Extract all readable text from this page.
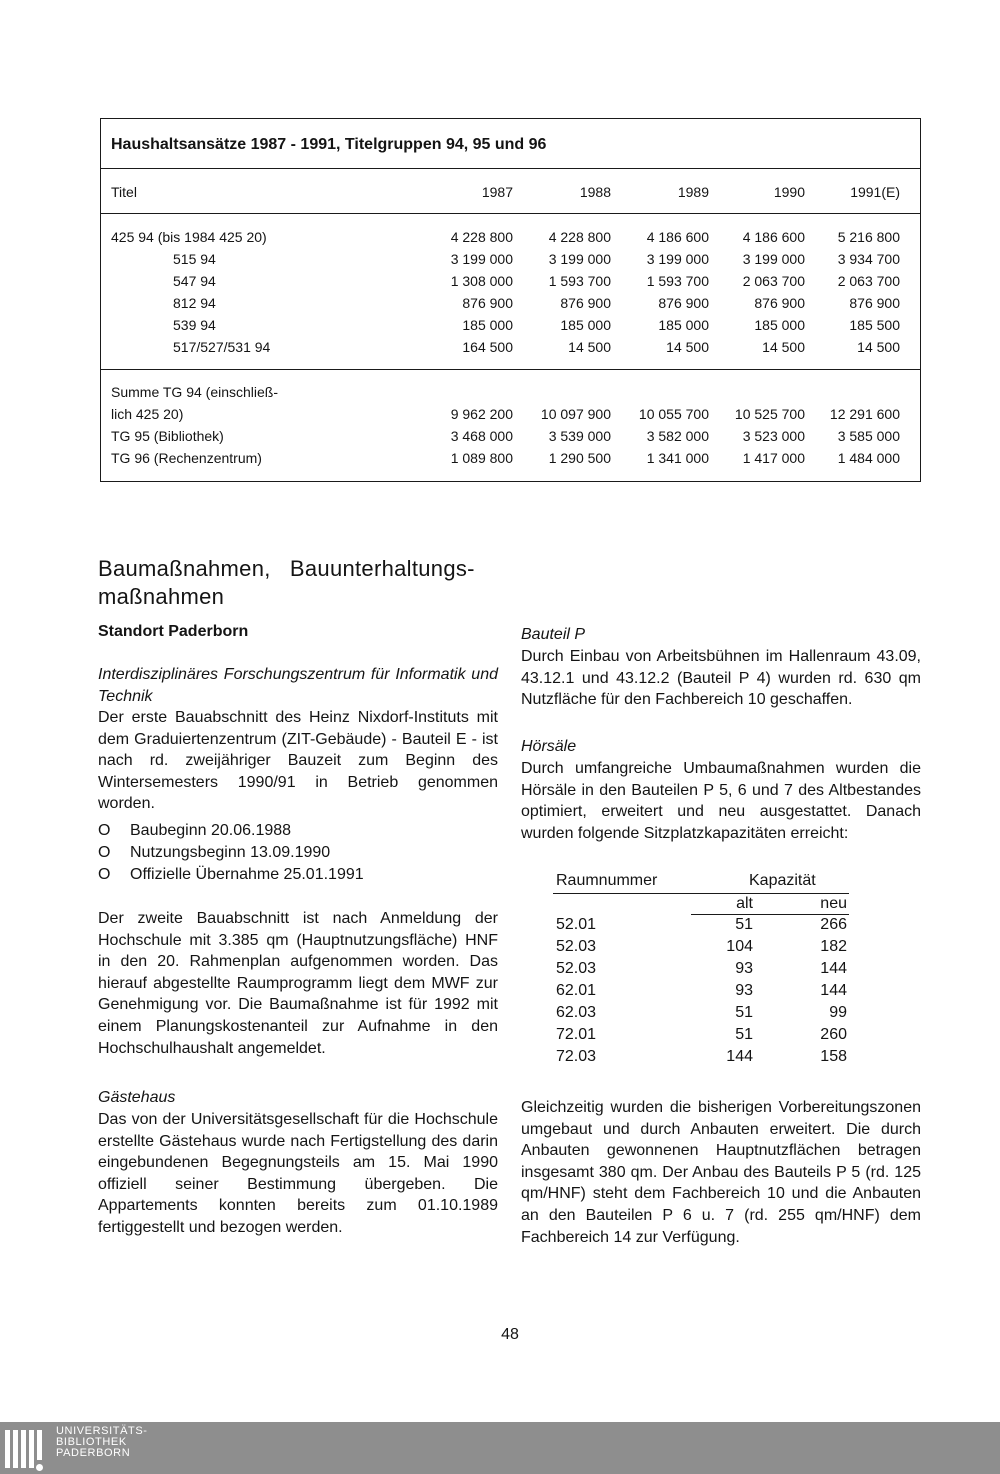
Haushaltsansätze 1987 - 1991, Titelgruppen 94, 95 und 96
Titel	1987	1988	1989	1990	1991(E)
425 94 (bis 1984 425 20)	4 228 800	4 228 800	4 186 600	4 186 600	5 216 800
515 94	3 199 000	3 199 000	3 199 000	3 199 000	3 934 700
547 94	1 308 000	1 593 700	1 593 700	2 063 700	2 063 700
812 94	876 900	876 900	876 900	876 900	876 900
539 94	185 000	185 000	185 000	185 000	185 500
517/527/531 94	164 500	14 500	14 500	14 500	14 500
Summe TG 94 (einschließ-
lich 425 20)	9 962 200	10 097 900	10 055 700	10 525 700	12 291 600
TG 95 (Bibliothek)	3 468 000	3 539 000	3 582 000	3 523 000	3 585 000
TG 96 (Rechenzentrum)	1 089 800	1 290 500	1 341 000	1 417 000	1 484 000
Baumaßnahmen,   Bauunterhaltungs-
maßnahmen
Standort Paderborn
Interdisziplinäres Forschungszentrum für Informatik und Technik
Der erste Bauabschnitt des Heinz Nixdorf-Instituts mit dem Graduiertenzentrum (ZIT-Gebäude) - Bauteil E - ist nach rd. zweijähriger Bauzeit zum Beginn des Wintersemesters 1990/91 in Betrieb genommen worden.
O Baubeginn 20.06.1988
O Nutzungsbeginn 13.09.1990
O Offizielle Übernahme 25.01.1991
Der zweite Bauabschnitt ist nach Anmeldung der Hochschule mit 3.385 qm (Hauptnutzungsfläche) HNF in den 20. Rahmenplan aufgenommen worden. Das hierauf abgestellte Raumprogramm liegt dem MWF zur Genehmigung vor. Die Baumaßnahme ist für 1992 mit einem Planungskostenanteil zur Aufnahme in den Hochschulhaushalt angemeldet.
Gästehaus
Das von der Universitätsgesellschaft für die Hochschule erstellte Gästehaus wurde nach Fertigstellung des darin eingebundenen Begegnungsteils am 15. Mai 1990 offiziell seiner Bestimmung übergeben. Die Appartements konnten bereits zum 01.10.1989 fertiggestellt und bezogen werden.
Bauteil P
Durch Einbau von Arbeitsbühnen im Hallenraum 43.09, 43.12.1 und 43.12.2 (Bauteil P 4) wurden rd. 630 qm Nutzfläche für den Fachbereich 10 geschaffen.
Hörsäle
Durch umfangreiche Umbaumaßnahmen wurden die Hörsäle in den Bauteilen P 5, 6 und 7 des Altbestandes optimiert, erweitert und neu ausgestattet. Danach wurden folgende Sitzplatzkapazitäten erreicht:
Raumnummer	Kapazität
alt	neu
52.01	51	266
52.03	104	182
52.03	93	144
62.01	93	144
62.03	51	99
72.01	51	260
72.03	144	158
Gleichzeitig wurden die bisherigen Vorbereitungszonen umgebaut und durch Anbauten erweitert. Die durch Anbauten gewonnenen Hauptnutzflächen betragen insgesamt 380 qm. Der Anbau des Bauteils P 5 (rd. 125 qm/HNF) steht dem Fachbereich 10 und die Anbauten an den Bauteilen P 6 u. 7 (rd. 255 qm/HNF) dem Fachbereich 14 zur Verfügung.
48
UNIVERSITÄTS-
BIBLIOTHEK
PADERBORN
